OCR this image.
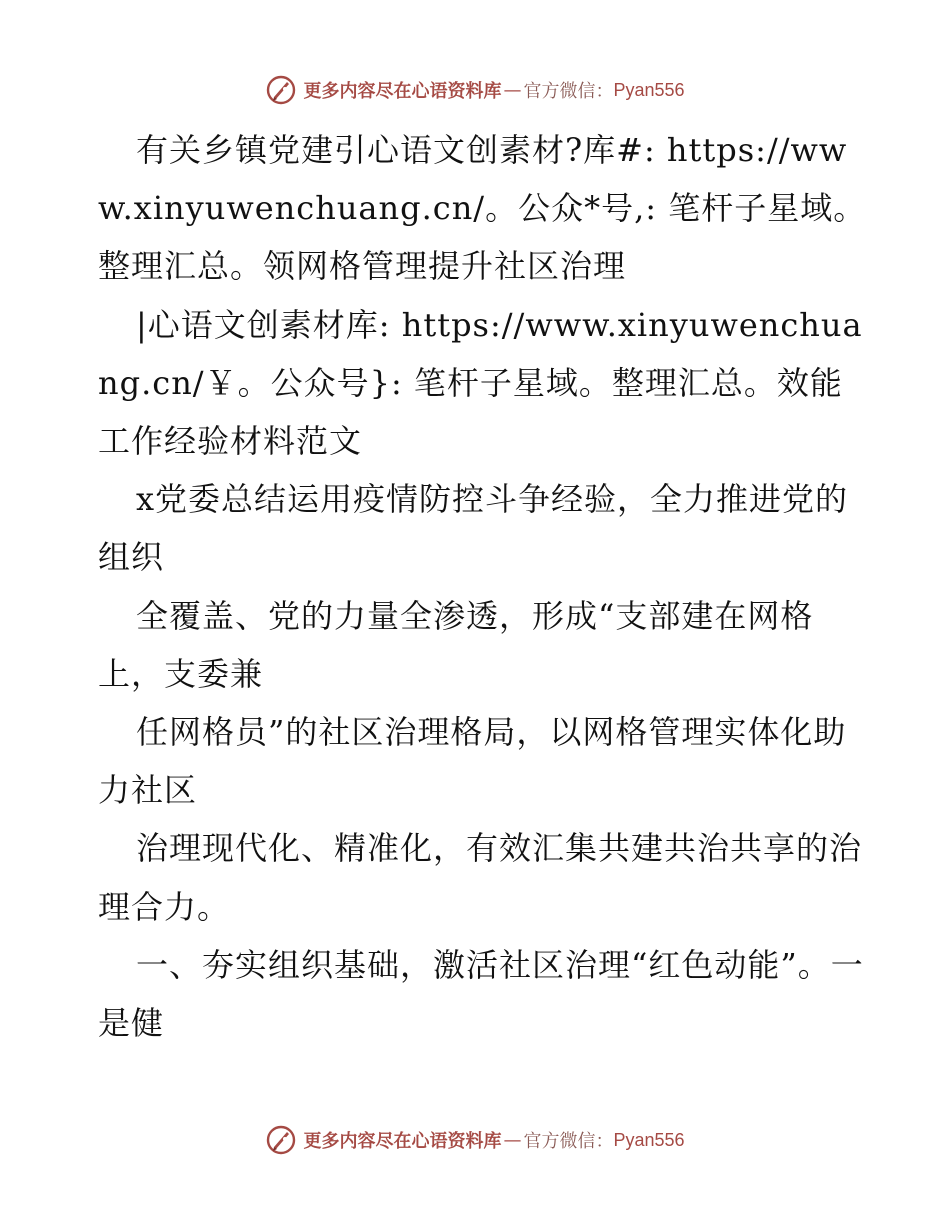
更多内容尽在心语资料库 — 官方微信： Pyan556

有关乡镇党建引心语文创素材?库#: https://www.xinyuwenchuang.cn/。公众*号,: 笔杆子星域。整理汇总。领网格管理提升社区治理

|心语文创素材库: https://www.xinyuwenchuang.cn/￥。公众号}: 笔杆子星域。整理汇总。效能工作经验材料范文

x党委总结运用疫情防控斗争经验，全力推进党的组织

全覆盖、党的力量全渗透，形成“支部建在网格上，支委兼

任网格员”的社区治理格局，以网格管理实体化助力社区

治理现代化、精准化，有效汇集共建共治共享的治理合力。

一、夯实组织基础，激活社区治理“红色动能”。一是健

更多内容尽在心语资料库 — 官方微信： Pyan556
